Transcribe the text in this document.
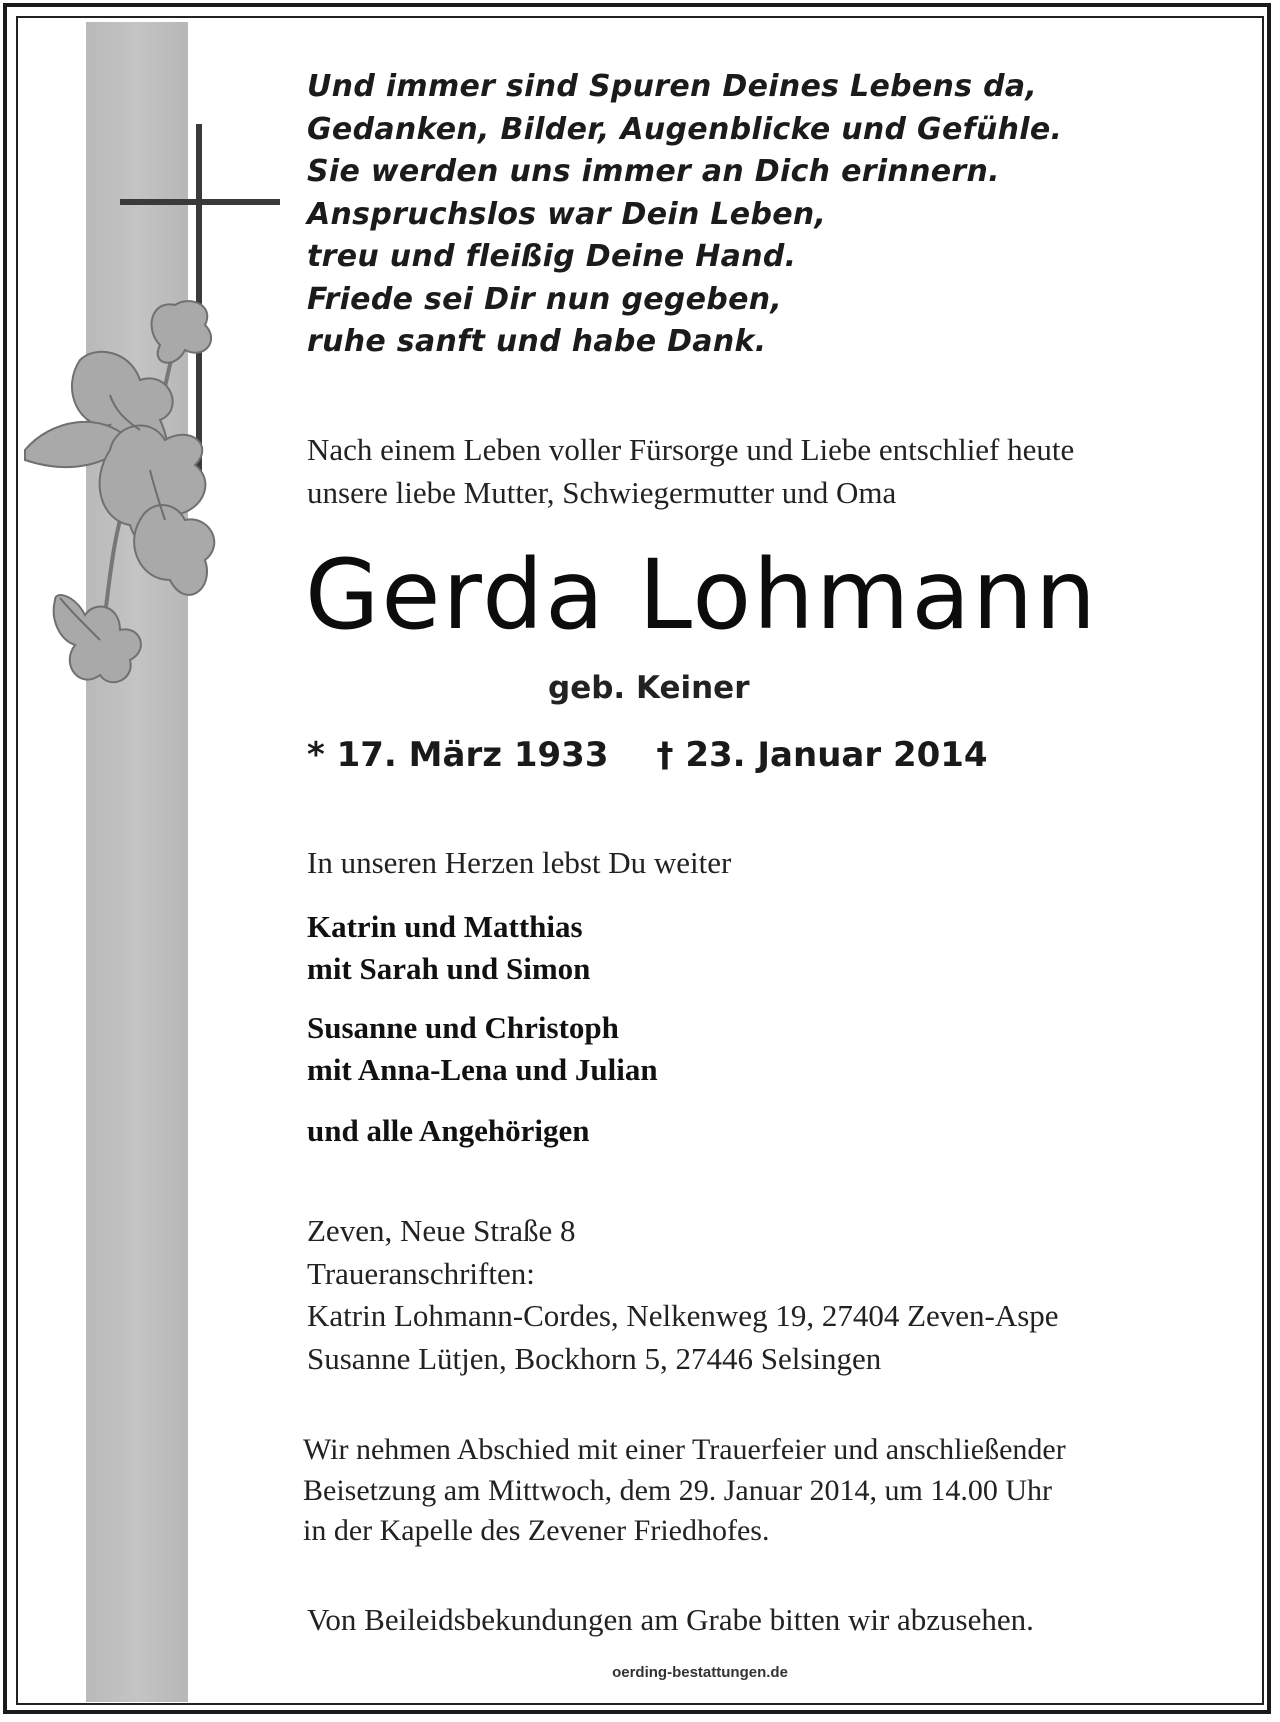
Und immer sind Spuren Deines Lebens da,
Gedanken, Bilder, Augenblicke und Gefühle.
Sie werden uns immer an Dich erinnern.
Anspruchslos war Dein Leben,
treu und fleißig Deine Hand.
Friede sei Dir nun gegeben,
ruhe sanft und habe Dank.
Nach einem Leben voller Fürsorge und Liebe entschlief heute
unsere liebe Mutter, Schwiegermutter und Oma
Gerda Lohmann
geb. Keiner
* 17. März 1933 † 23. Januar 2014
In unseren Herzen lebst Du weiter
Katrin und Matthias
mit Sarah und Simon
Susanne und Christoph
mit Anna-Lena und Julian
und alle Angehörigen
Zeven, Neue Straße 8
Traueranschriften:
Katrin Lohmann-Cordes, Nelkenweg 19, 27404 Zeven-Aspe
Susanne Lütjen, Bockhorn 5, 27446 Selsingen
Wir nehmen Abschied mit einer Trauerfeier und anschließender
Beisetzung am Mittwoch, dem 29. Januar 2014, um 14.00 Uhr
in der Kapelle des Zevener Friedhofes.
Von Beileidsbekundungen am Grabe bitten wir abzusehen.
oerding-bestattungen.de
